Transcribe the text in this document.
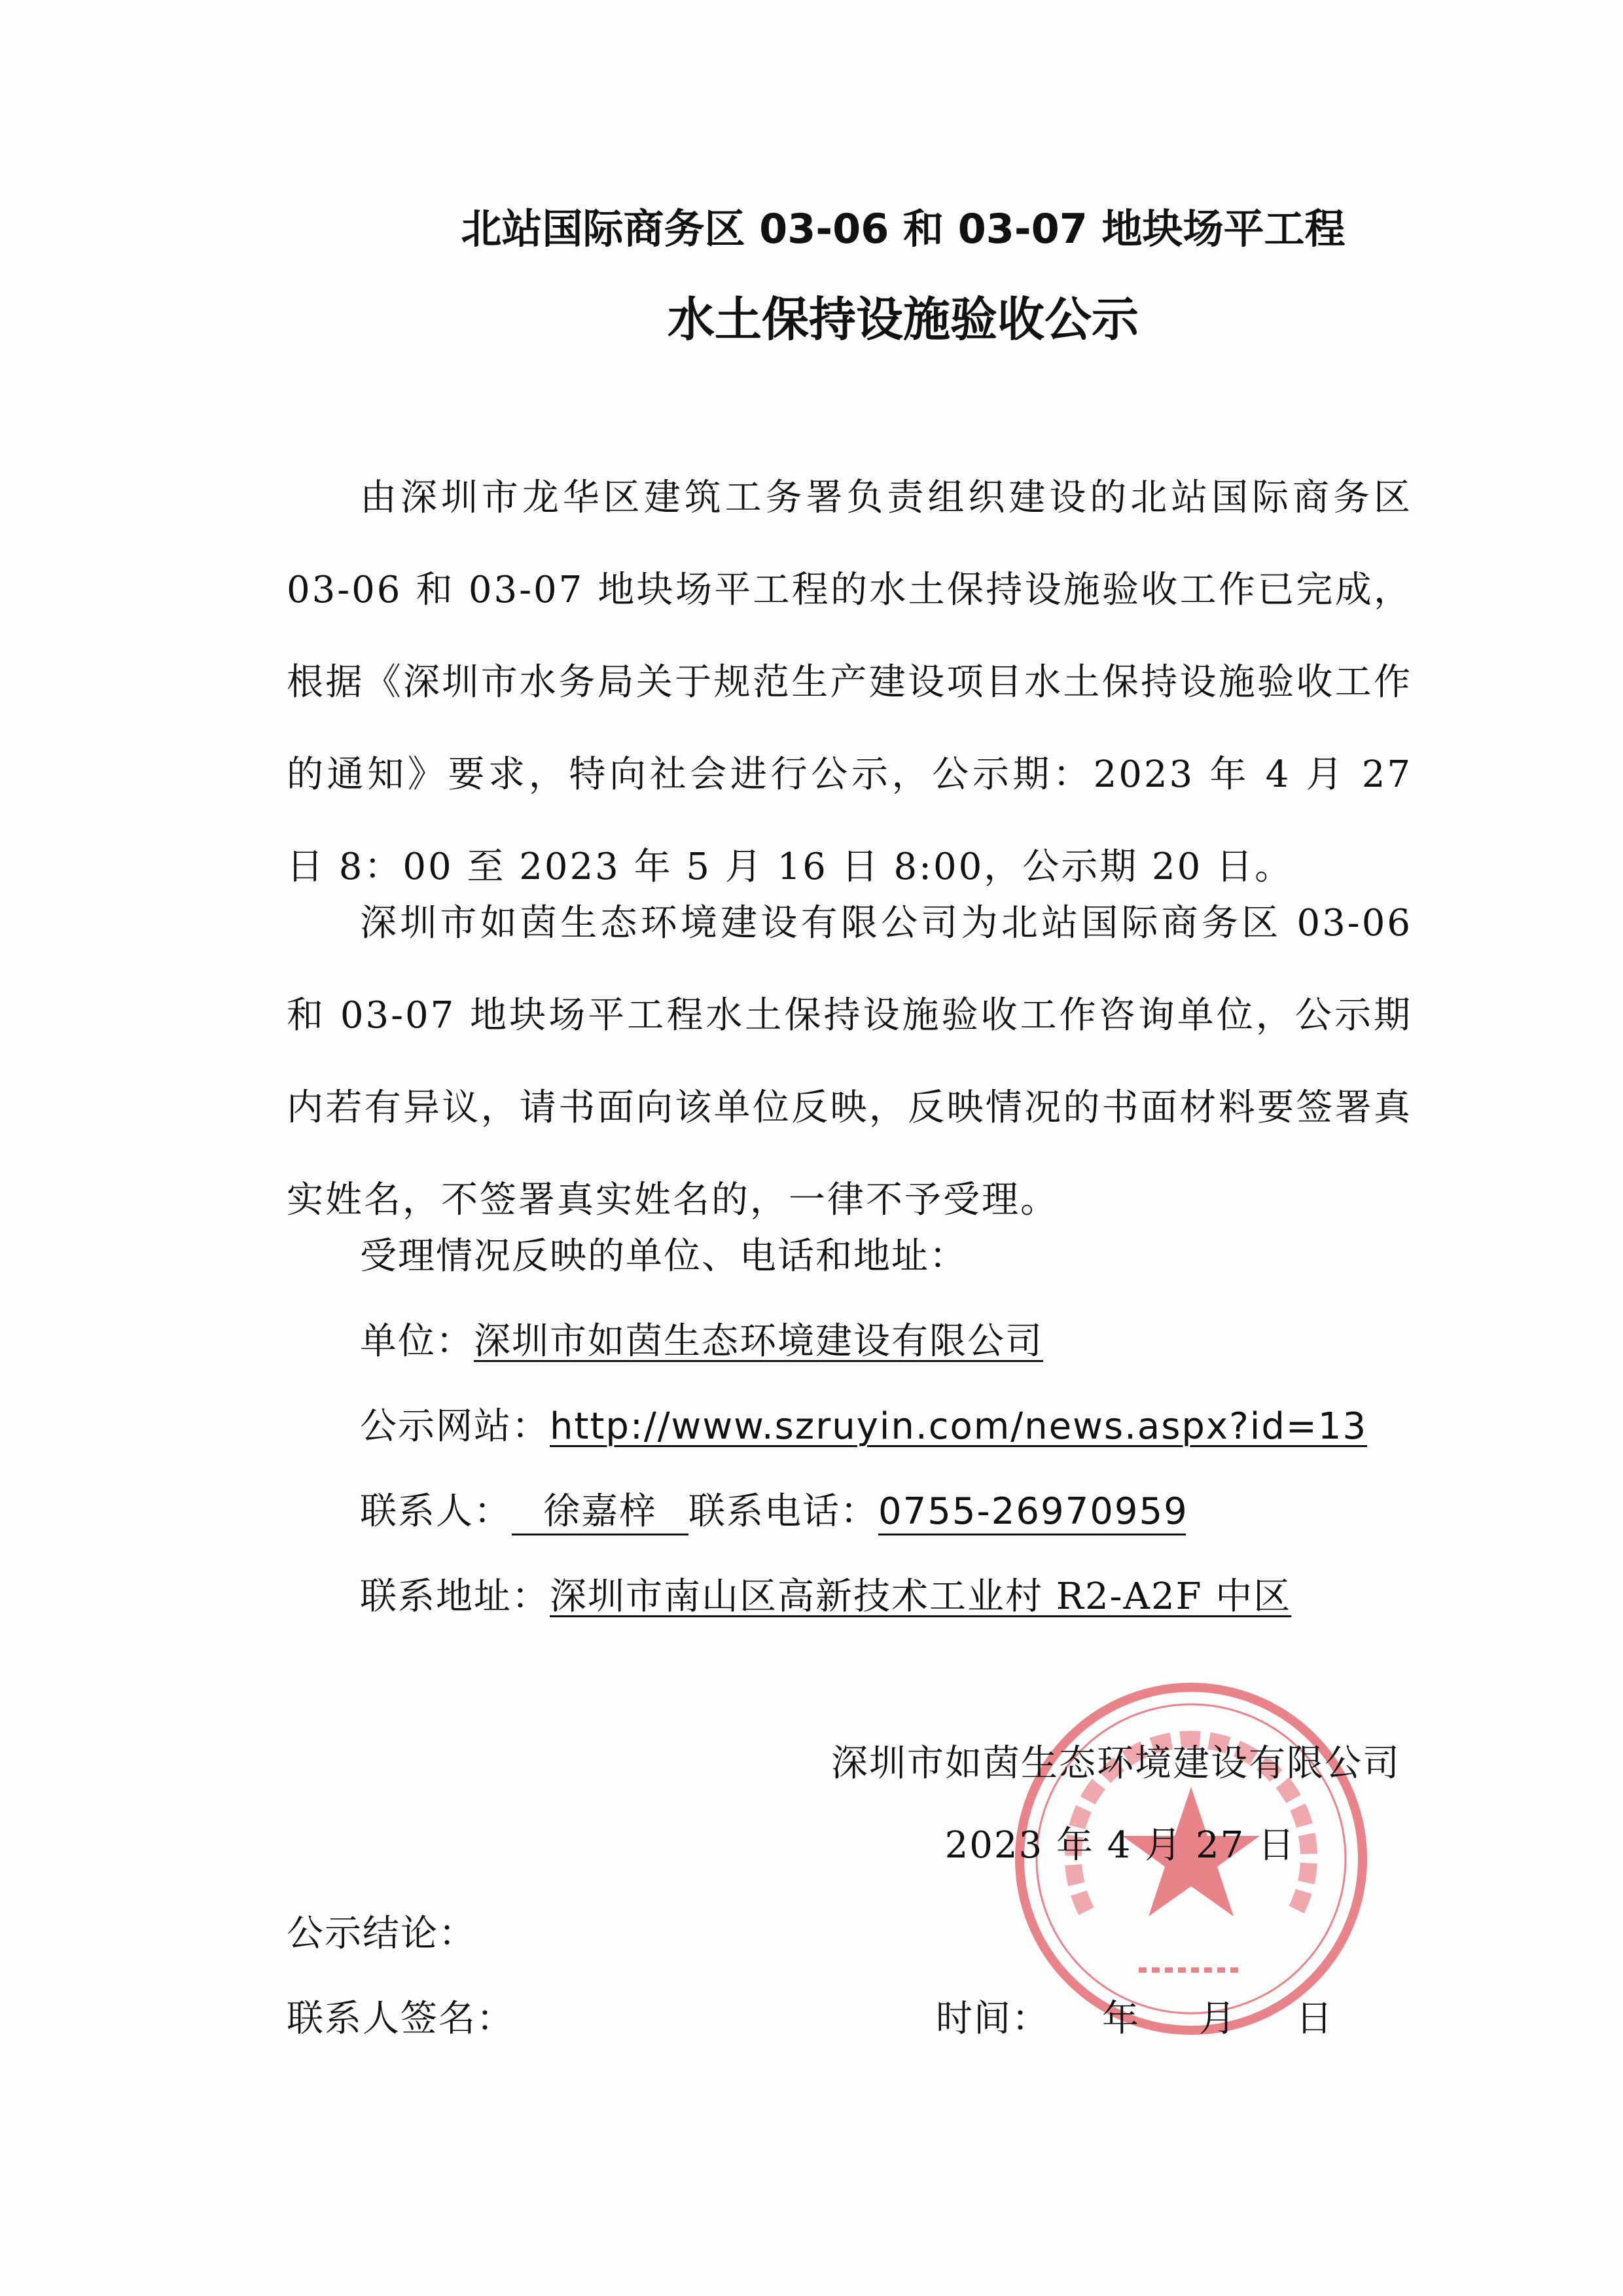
北站国际商务区 03-06 和 03-07 地块场平工程
水土保持设施验收公示

由深圳市龙华区建筑工务署负责组织建设的北站国际商务区03-06 和 03-07 地块场平工程的水土保持设施验收工作已完成，根据《深圳市水务局关于规范生产建设项目水土保持设施验收工作的通知》要求，特向社会进行公示，公示期：2023 年 4 月 27 日 8：00 至 2023 年 5 月 16 日 8:00，公示期 20 日。

深圳市如茵生态环境建设有限公司为北站国际商务区 03-06 和 03-07 地块场平工程水土保持设施验收工作咨询单位，公示期内若有异议，请书面向该单位反映，反映情况的书面材料要签署真实姓名，不签署真实姓名的，一律不予受理。

受理情况反映的单位、电话和地址：
单位：深圳市如茵生态环境建设有限公司
公示网站：http://www.szruyin.com/news.aspx?id=13
联系人： 徐嘉梓 联系电话：0755-26970959
联系地址：深圳市南山区高新技术工业村 R2-A2F 中区
深圳市如茵生态环境建设有限公司
2023 年 4 月 27 日
公示结论：
联系人签名：	时间： 年 月 日
